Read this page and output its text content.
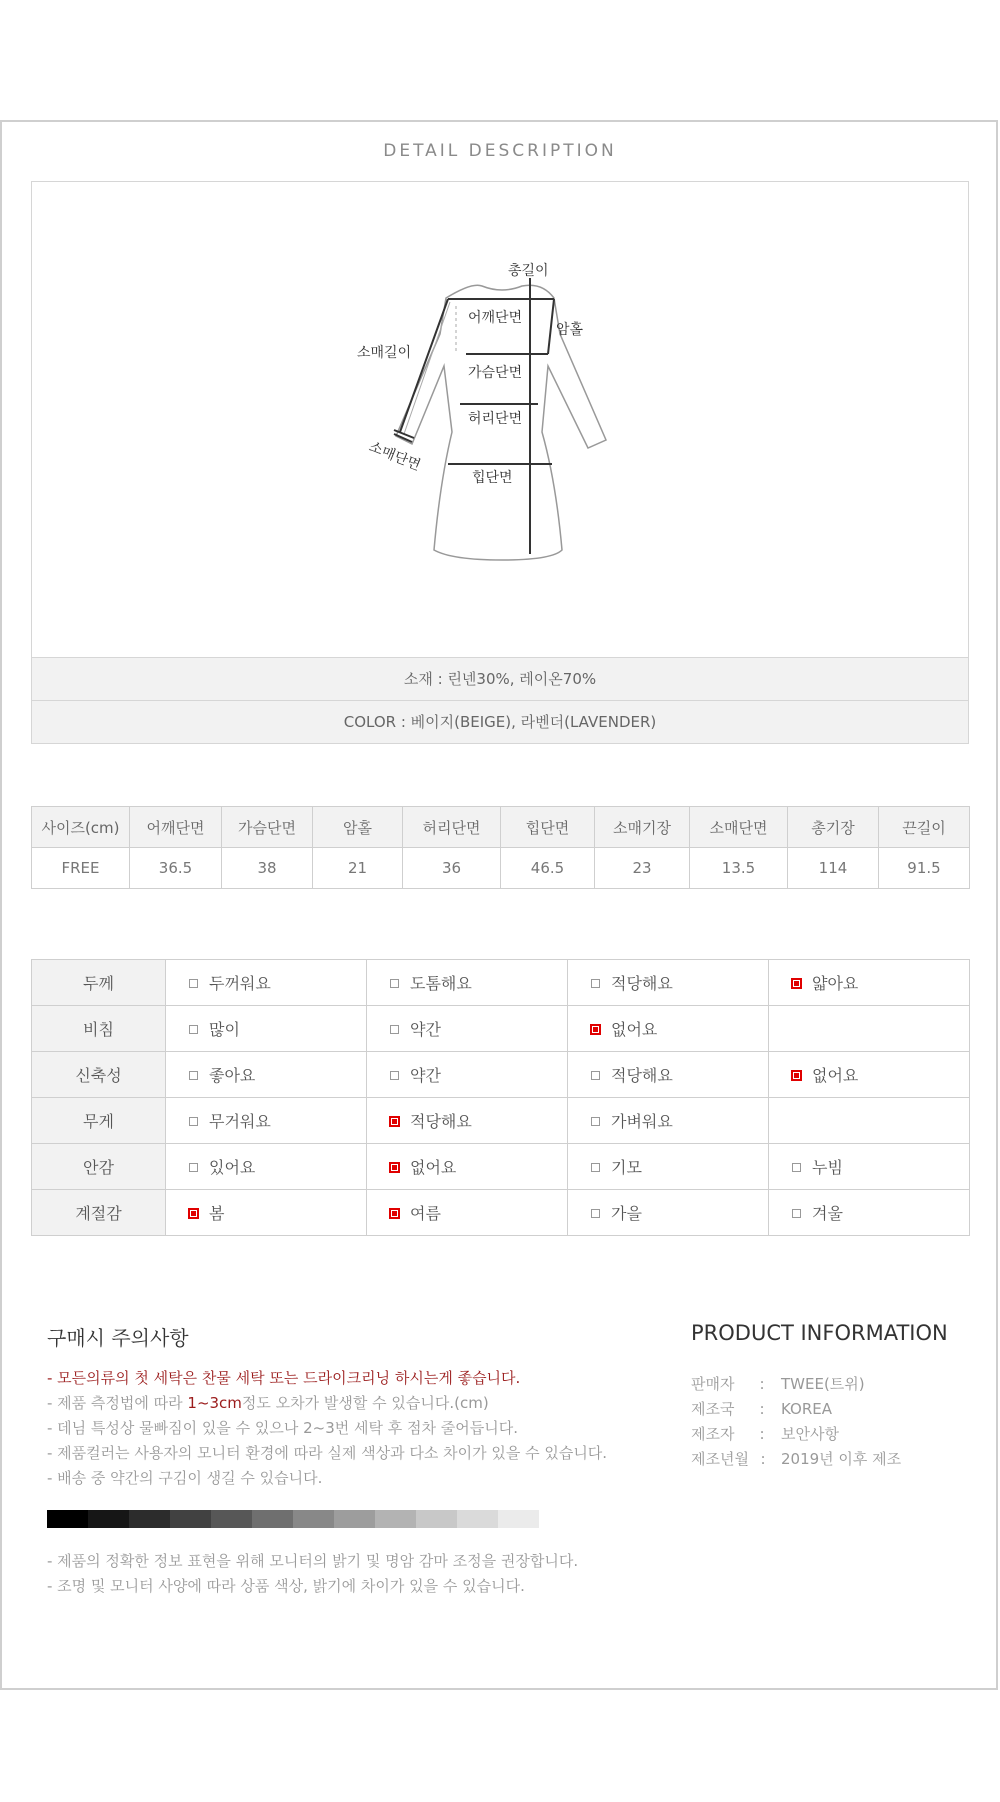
DETAIL DESCRIPTION
총길이
어깨단면
암홀
소매길이
가슴단면
허리단면
소매단면
힙단면
소재 : 린넨30%, 레이온70%
COLOR : 베이지(BEIGE), 라벤더(LAVENDER)
사이즈(cm)	어깨단면	가슴단면	암홀	허리단면	힙단면	소매기장	소매단면	총기장	끈길이
FREE	36.5	38	21	36	46.5	23	13.5	114	91.5
두께	두꺼워요	도톰해요	적당해요	얇아요
비침	많이	약간	없어요	
신축성	좋아요	약간	적당해요	없어요
무게	무거워요	적당해요	가벼워요	
안감	있어요	없어요	기모	누빔
계절감	봄	여름	가을	겨울
구매시 주의사항
- 모든의류의 첫 세탁은 찬물 세탁 또는 드라이크리닝 하시는게 좋습니다.
- 제품 측정법에 따라 1~3cm정도 오차가 발생할 수 있습니다.(cm)
- 데님 특성상 물빠짐이 있을 수 있으나 2~3번 세탁 후 점차 줄어듭니다.
- 제품컬러는 사용자의 모니터 환경에 따라 실제 색상과 다소 차이가 있을 수 있습니다.
- 배송 중 약간의 구김이 생길 수 있습니다.
- 제품의 정확한 정보 표현을 위해 모니터의 밝기 및 명암 감마 조정을 권장합니다.
- 조명 및 모니터 사양에 따라 상품 색상, 밝기에 차이가 있을 수 있습니다.
PRODUCT INFORMATION
판매자	:	TWEE(트위)
제조국	:	KOREA
제조자	:	보안사항
제조년월 :	2019년 이후 제조
